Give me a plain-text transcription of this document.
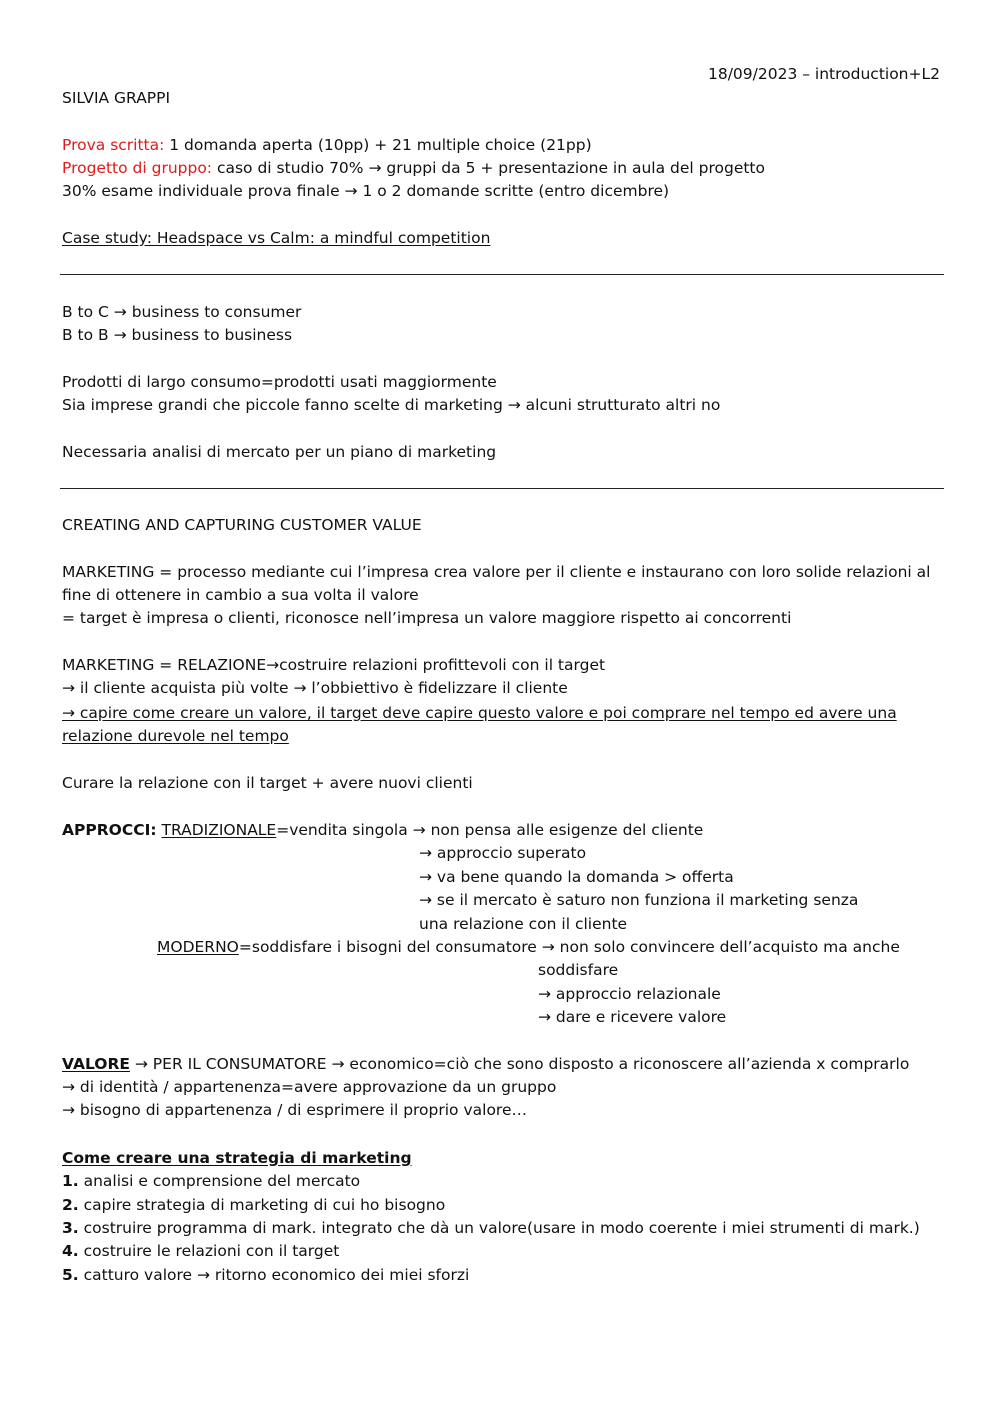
18/09/2023 – introduction+L2
SILVIA GRAPPI
Prova scritta: 1 domanda aperta (10pp) + 21 multiple choice (21pp)
Progetto di gruppo: caso di studio 70% → gruppi da 5 + presentazione in aula del progetto
30% esame individuale prova finale → 1 o 2 domande scritte (entro dicembre)
Case study: Headspace vs Calm: a mindful competition
B to C → business to consumer
B to B → business to business
Prodotti di largo consumo=prodotti usati maggiormente
Sia imprese grandi che piccole fanno scelte di marketing → alcuni strutturato altri no
Necessaria analisi di mercato per un piano di marketing
CREATING AND CAPTURING CUSTOMER VALUE
MARKETING = processo mediante cui l’impresa crea valore per il cliente e instaurano con loro solide relazioni al
fine di ottenere in cambio a sua volta il valore
= target è impresa o clienti, riconosce nell’impresa un valore maggiore rispetto ai concorrenti
MARKETING = RELAZIONE→costruire relazioni profittevoli con il target
→ il cliente acquista più volte → l’obbiettivo è fidelizzare il cliente
→ capire come creare un valore, il target deve capire questo valore e poi comprare nel tempo ed avere una
relazione durevole nel tempo
Curare la relazione con il target + avere nuovi clienti
APPROCCI: TRADIZIONALE=vendita singola → non pensa alle esigenze del cliente
→ approccio superato
→ va bene quando la domanda > offerta
→ se il mercato è saturo non funziona il marketing senza
una relazione con il cliente
MODERNO=soddisfare i bisogni del consumatore → non solo convincere dell’acquisto ma anche
soddisfare
→ approccio relazionale
→ dare e ricevere valore
VALORE → PER IL CONSUMATORE → economico=ciò che sono disposto a riconoscere all’azienda x comprarlo
→ di identità / appartenenza=avere approvazione da un gruppo
→ bisogno di appartenenza / di esprimere il proprio valore…
Come creare una strategia di marketing
1. analisi e comprensione del mercato
2. capire strategia di marketing di cui ho bisogno
3. costruire programma di mark. integrato che dà un valore(usare in modo coerente i miei strumenti di mark.)
4. costruire le relazioni con il target
5. catturo valore → ritorno economico dei miei sforzi
